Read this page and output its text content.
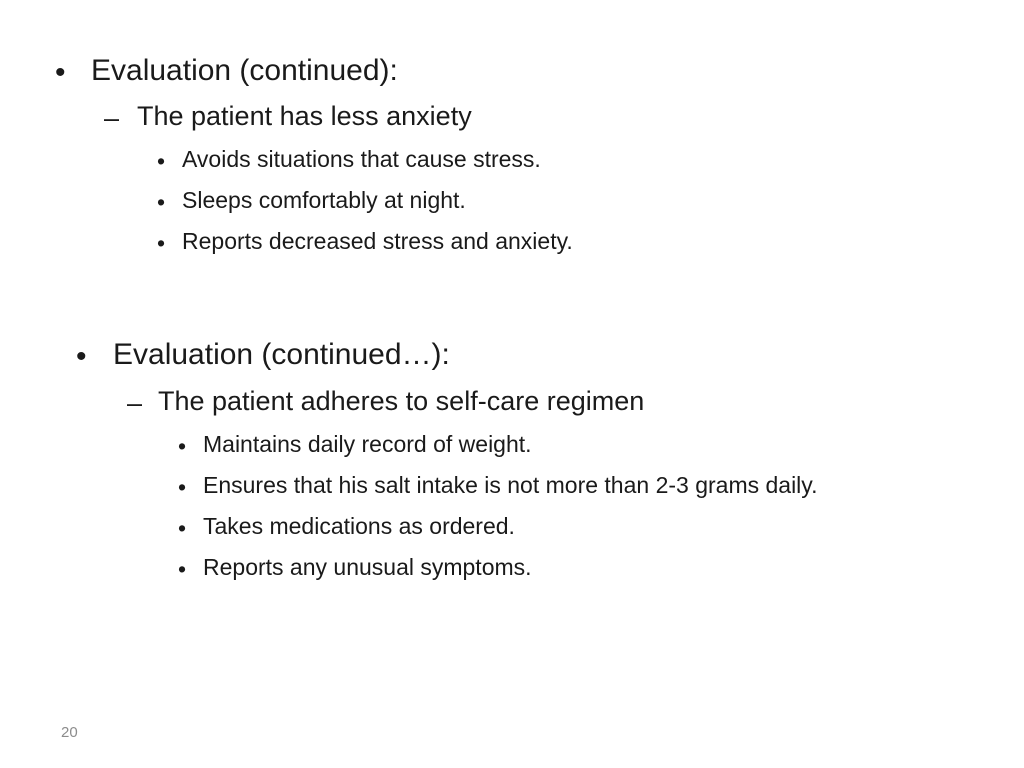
• Evaluation (continued):
– The patient has less anxiety
• Avoids situations that cause stress.
• Sleeps comfortably at night.
• Reports decreased stress and anxiety.
• Evaluation (continued…):
– The patient adheres to self-care regimen
• Maintains daily record of weight.
• Ensures that his salt intake is not more than 2-3 grams daily.
• Takes medications as ordered.
• Reports any unusual symptoms.
20
